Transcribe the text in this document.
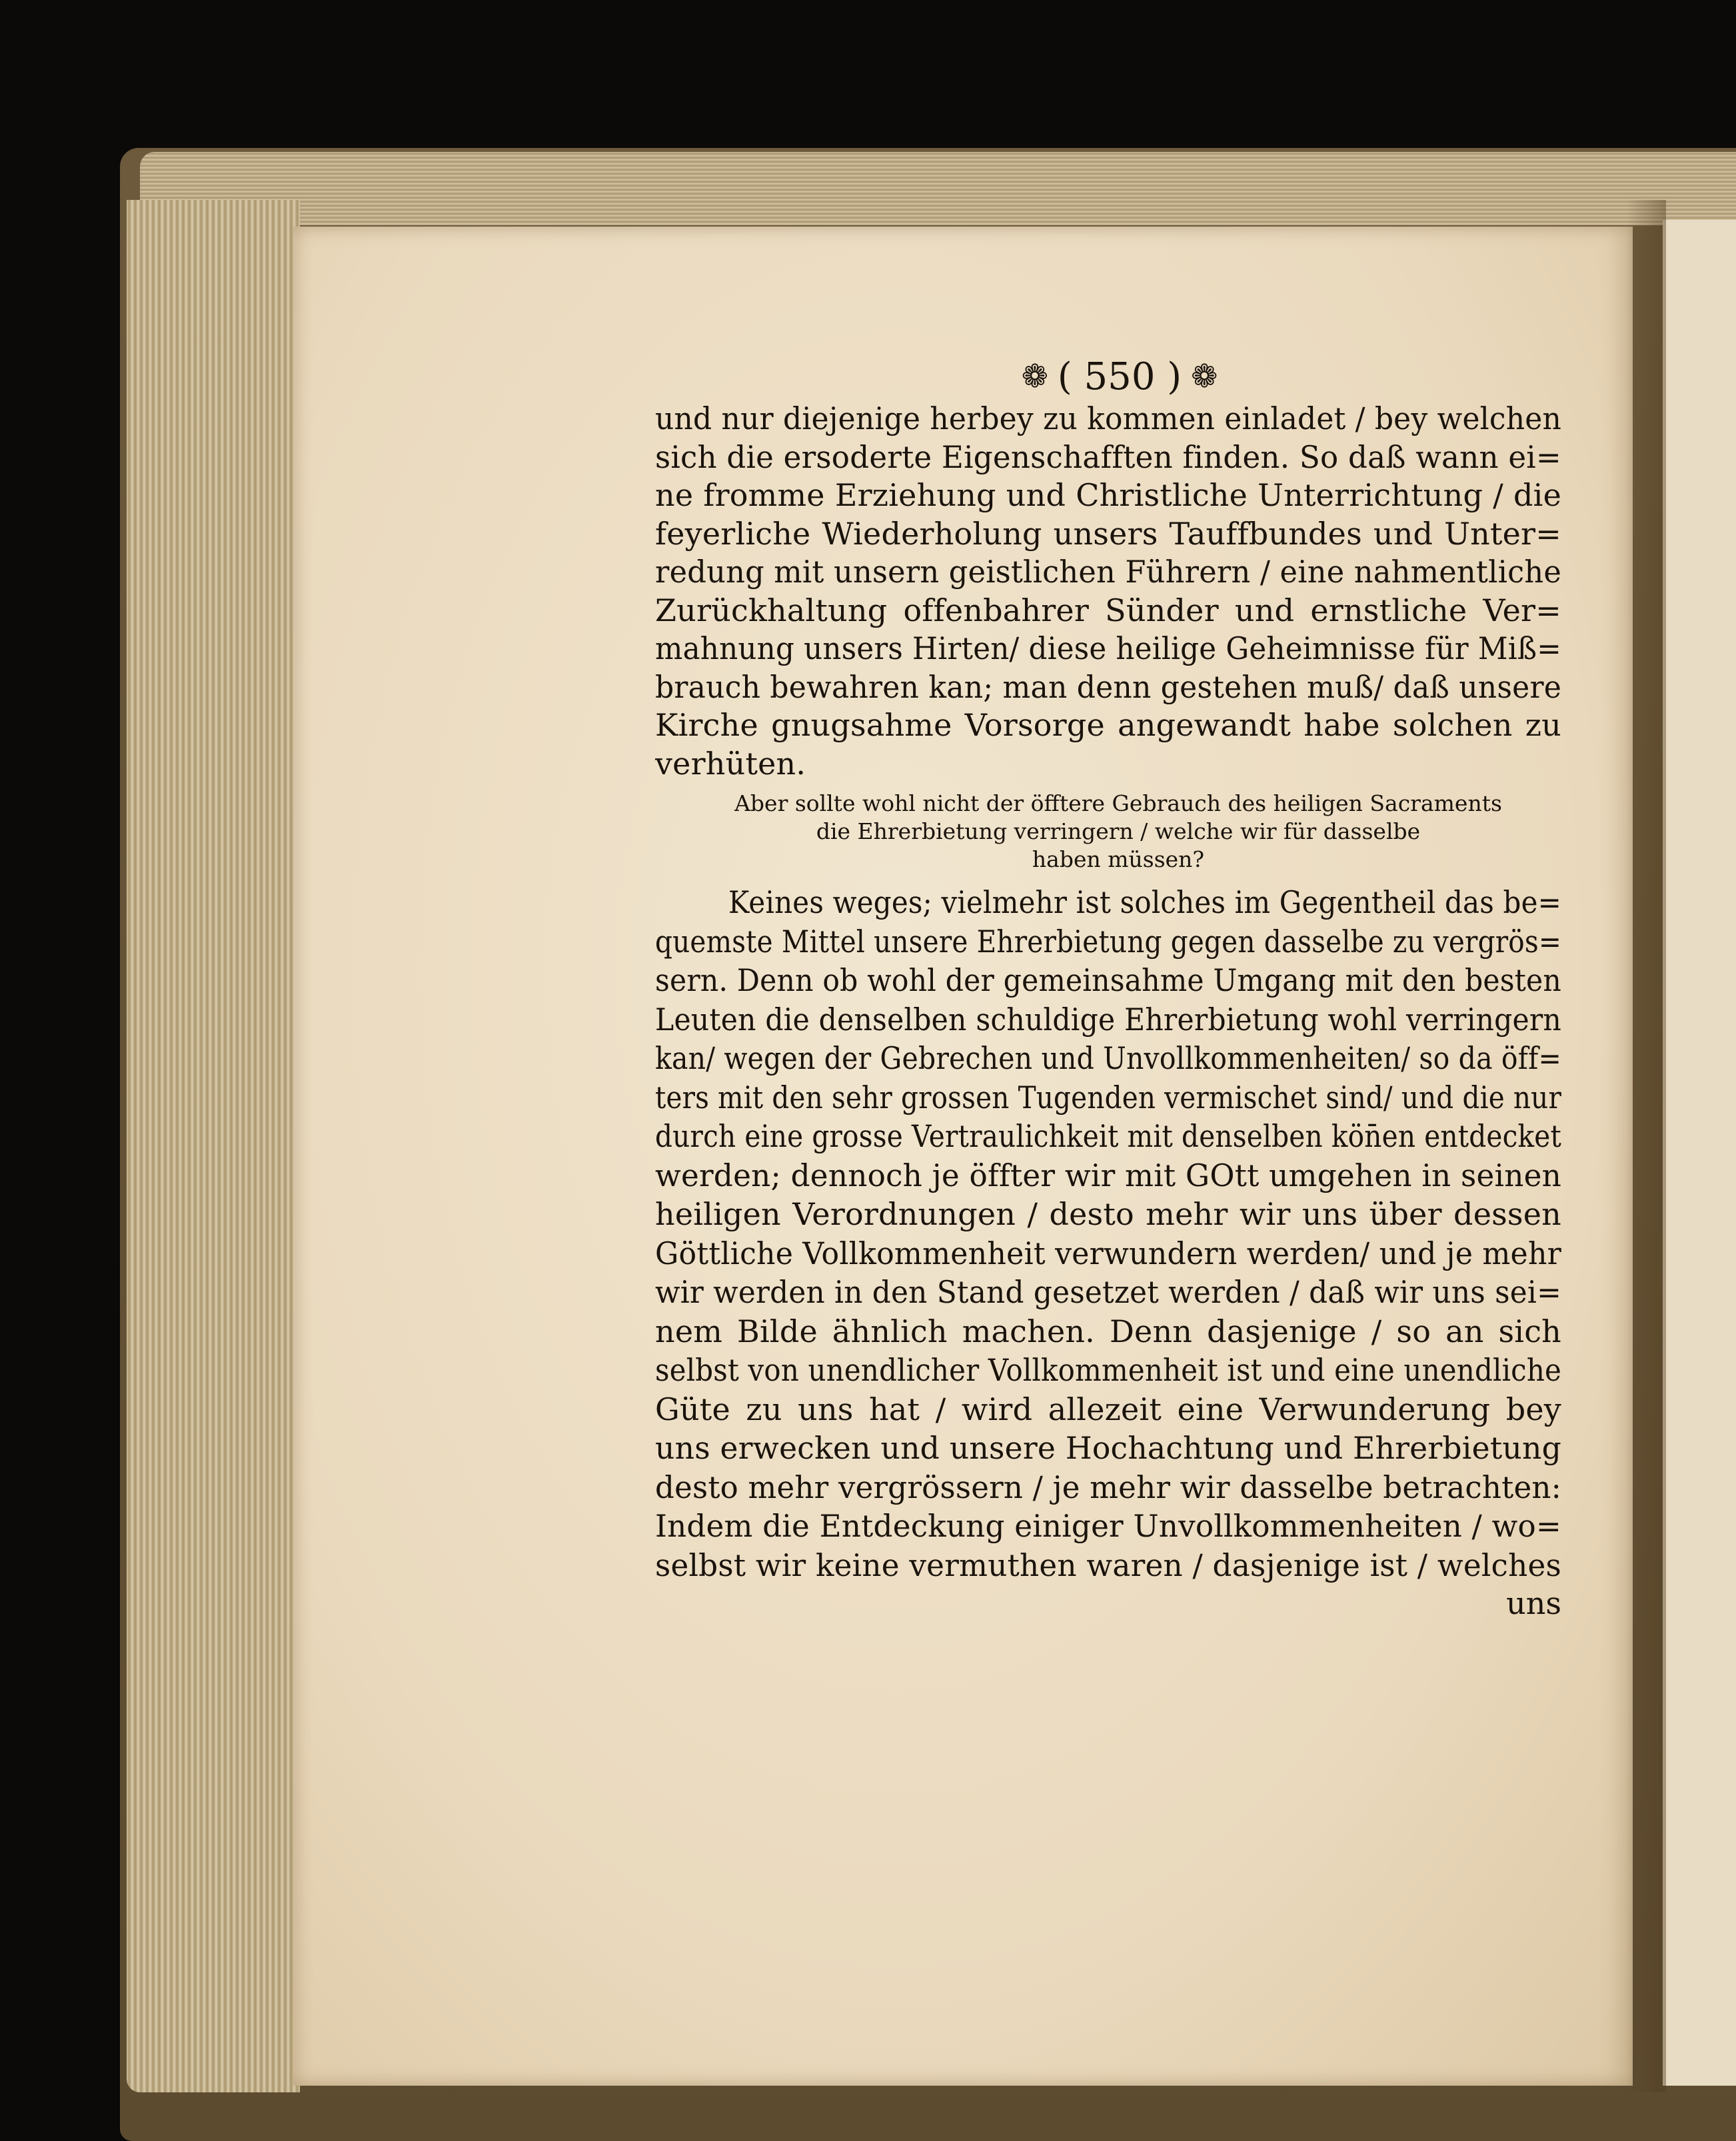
❁ ( 550 ) ❁
und nur diejenige herbey zu kommen einladet / bey welchen
sich die ersoderte Eigenschafften finden. So daß wann ei=
ne fromme Erziehung und Christliche Unterrichtung / die
feyerliche Wiederholung unsers Tauffbundes und Unter=
redung mit unsern geistlichen Führern / eine nahmentliche
Zurückhaltung offenbahrer Sünder und ernstliche Ver=
mahnung unsers Hirten/ diese heilige Geheimnisse für Miß=
brauch bewahren kan; man denn gestehen muß/ daß unsere
Kirche gnugsahme Vorsorge angewandt habe solchen zu
verhüten.
Aber sollte wohl nicht der öfftere Gebrauch des heiligen Sacraments
die Ehrerbietung verringern / welche wir für dasselbe
haben müssen?
Keines weges; vielmehr ist solches im Gegentheil das be=
quemste Mittel unsere Ehrerbietung gegen dasselbe zu vergrös=
sern. Denn ob wohl der gemeinsahme Umgang mit den besten
Leuten die denselben schuldige Ehrerbietung wohl verringern
kan/ wegen der Gebrechen und Unvollkommenheiten/ so da öff=
ters mit den sehr grossen Tugenden vermischet sind/ und die nur
durch eine grosse Vertraulichkeit mit denselben kön̄en entdecket
werden; dennoch je öffter wir mit GOtt umgehen in seinen
heiligen Verordnungen / desto mehr wir uns über dessen
Göttliche Vollkommenheit verwundern werden/ und je mehr
wir werden in den Stand gesetzet werden / daß wir uns sei=
nem Bilde ähnlich machen. Denn dasjenige / so an sich
selbst von unendlicher Vollkommenheit ist und eine unendliche
Güte zu uns hat / wird allezeit eine Verwunderung bey
uns erwecken und unsere Hochachtung und Ehrerbietung
desto mehr vergrössern / je mehr wir dasselbe betrachten:
Indem die Entdeckung einiger Unvollkommenheiten / wo=
selbst wir keine vermuthen waren / dasjenige ist / welches
uns
